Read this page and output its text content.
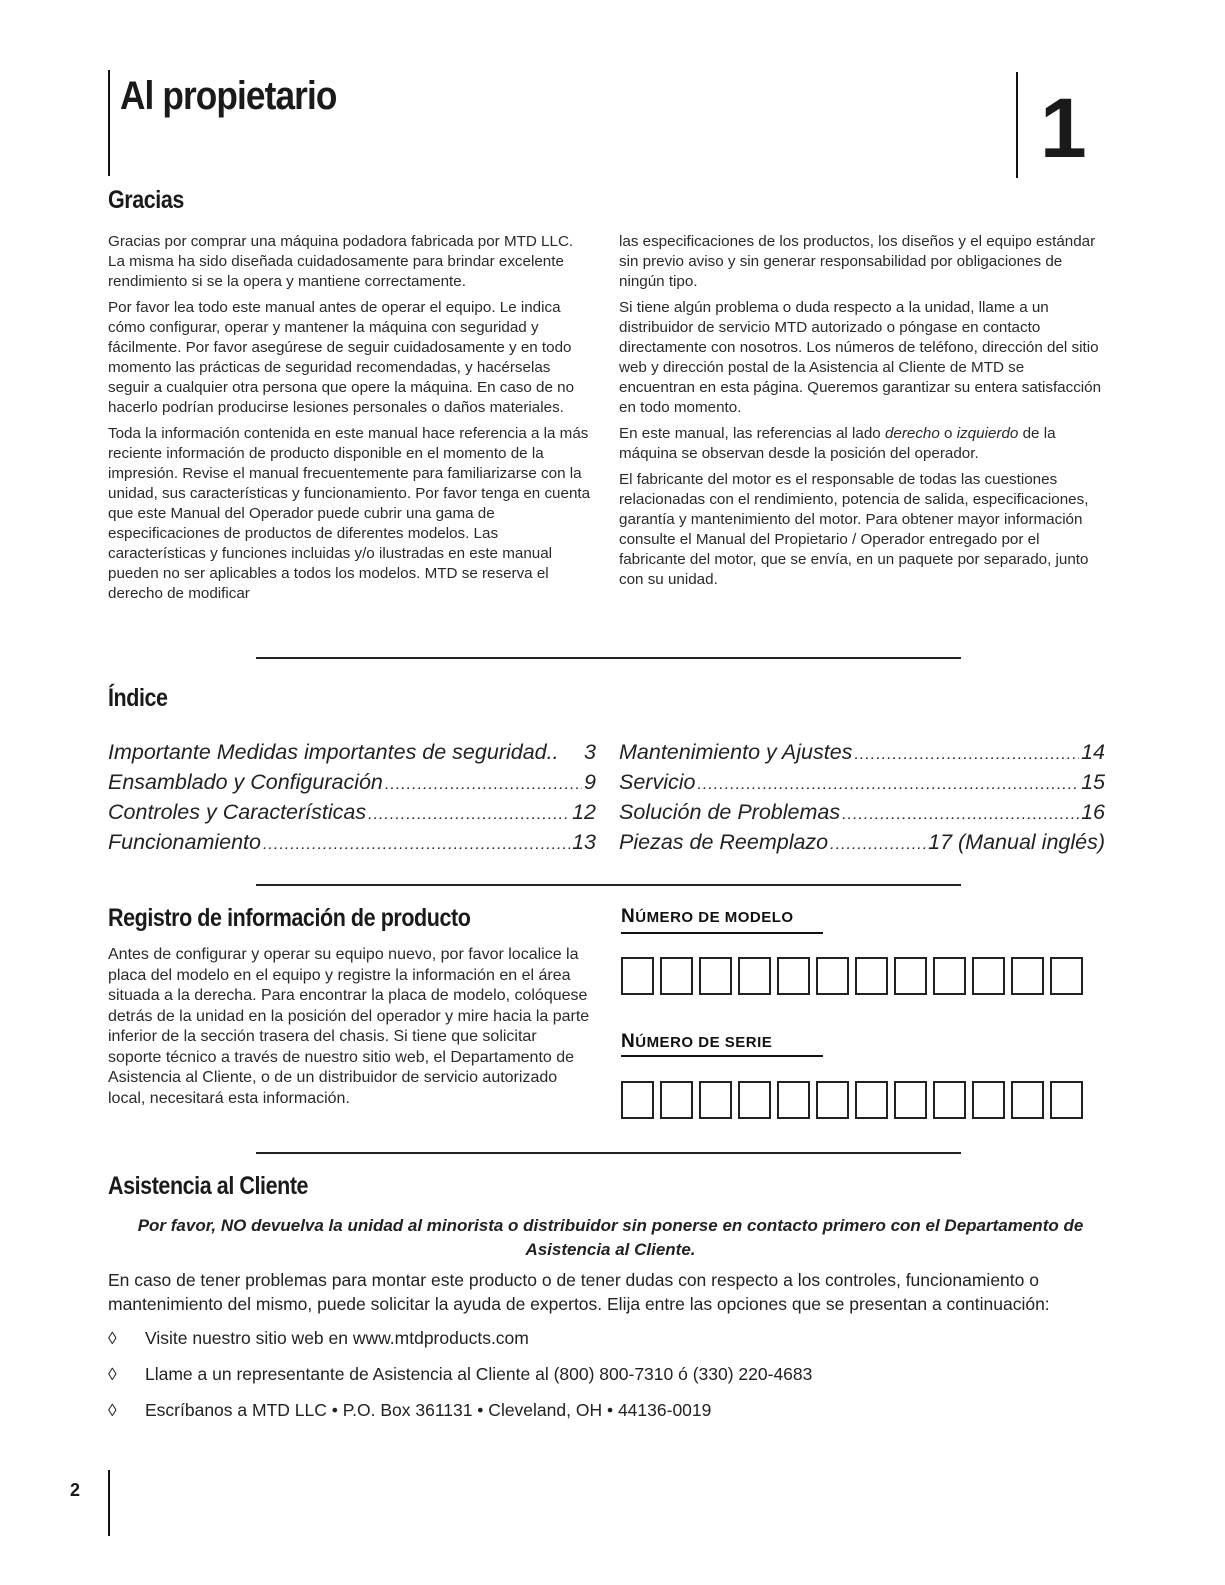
Al propietario	1
Gracias

Gracias por comprar una máquina podadora fabricada por MTD LLC. La misma ha sido diseñada cuidadosamente para brindar excelente rendimiento si se la opera y mantiene correctamente.

Por favor lea todo este manual antes de operar el equipo. Le indica cómo configurar, operar y mantener la máquina con seguridad y fácilmente. Por favor asegúrese de seguir cuidadosamente y en todo momento las prácticas de seguridad recomendadas, y hacérselas seguir a cualquier otra persona que opere la máquina. En caso de no hacerlo podrían producirse lesiones personales o daños materiales.

Toda la información contenida en este manual hace referencia a la más reciente información de producto disponible en el momento de la impresión. Revise el manual frecuentemente para familiarizarse con la unidad, sus características y funcionamiento. Por favor tenga en cuenta que este Manual del Operador puede cubrir una gama de especificaciones de productos de diferentes modelos. Las características y funciones incluidas y/o ilustradas en este manual pueden no ser aplicables a todos los modelos. MTD se reserva el derecho de modificar

las especificaciones de los productos, los diseños y el equipo estándar sin previo aviso y sin generar responsabilidad por obligaciones de ningún tipo.

Si tiene algún problema o duda respecto a la unidad, llame a un distribuidor de servicio MTD autorizado o póngase en contacto directamente con nosotros. Los números de teléfono, dirección del sitio web y dirección postal de la Asistencia al Cliente de MTD se encuentran en esta página. Queremos garantizar su entera satisfacción en todo momento.

En este manual, las referencias al lado derecho o izquierdo de la máquina se observan desde la posición del operador.

El fabricante del motor es el responsable de todas las cuestiones relacionadas con el rendimiento, potencia de salida, especificaciones, garantía y mantenimiento del motor. Para obtener mayor información consulte el Manual del Propietario / Operador entregado por el fabricante del motor, que se envía, en un paquete por separado, junto con su unidad.

Índice
Importante Medidas importantes de seguridad.. 3
Ensamblado y Configuración .....	9
Controles y Características .....	12
Funcionamiento .....	13
Mantenimiento y Ajustes .....	14
Servicio .....	15
Solución de Problemas .....	16
Piezas de Reemplazo .....	17 (Manual inglés)
Registro de información de producto
Antes de configurar y operar su equipo nuevo, por favor localice la placa del modelo en el equipo y registre la información en el área situada a la derecha. Para encontrar la placa de modelo, colóquese detrás de la unidad en la posición del operador y mire hacia la parte inferior de la sección trasera del chasis. Si tiene que solicitar soporte técnico a través de nuestro sitio web, el Departamento de Asistencia al Cliente, o de un distribuidor de servicio autorizado local, necesitará esta información.
NÚMERO DE MODELO
NÚMERO DE SERIE
Asistencia al Cliente
Por favor, NO devuelva la unidad al minorista o distribuidor sin ponerse en contacto primero con el Departamento de Asistencia al Cliente.
En caso de tener problemas para montar este producto o de tener dudas con respecto a los controles, funcionamiento o mantenimiento del mismo, puede solicitar la ayuda de expertos. Elija entre las opciones que se presentan a continuación:
◊	Visite nuestro sitio web en www.mtdproducts.com
◊	Llame a un representante de Asistencia al Cliente al (800) 800-7310 ó (330) 220-4683
◊	Escríbanos a MTD LLC • P.O. Box 361131 • Cleveland, OH • 44136-0019
2
